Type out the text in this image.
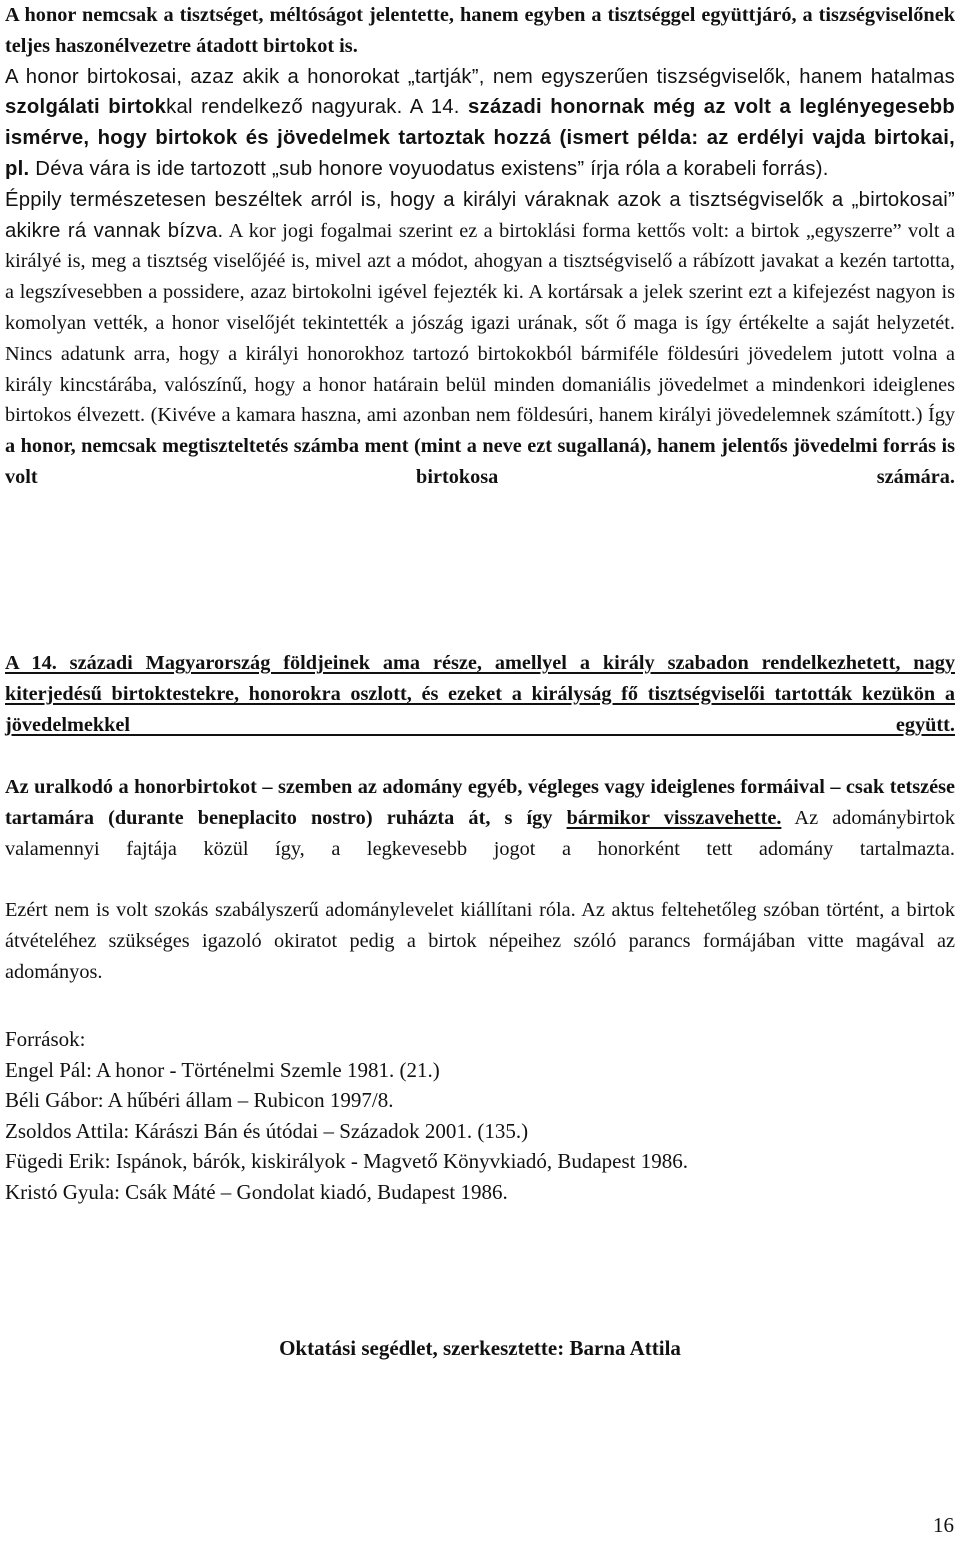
A honor nemcsak a tisztséget, méltóságot jelentette, hanem egyben a tisztséggel együttjáró, a tiszségviselőnek teljes haszonélvezetre átadott birtokot is.
A honor birtokosai, azaz akik a honorokat „tartják”, nem egyszerűen tiszségviselők, hanem hatalmas szolgálati birtokkal rendelkező nagyurak. A 14. századi honornak még az volt a leglényegesebb ismérve, hogy birtokok és jövedelmek tartoztak hozzá (ismert példa: az erdélyi vajda birtokai, pl. Déva vára is ide tartozott „sub honore voyuodatus existens” írja róla a korabeli forrás).
Éppily természetesen beszéltek arról is, hogy a királyi váraknak azok a tisztségviselők a „birtokosai” akikre rá vannak bízva. A kor jogi fogalmai szerint ez a birtoklási forma kettős volt: a birtok „egyszerre” volt a királyé is, meg a tisztség viselőjéé is, mivel azt a módot, ahogyan a tisztségviselő a rábízott javakat a kezén tartotta, a legszívesebben a possidere, azaz birtokolni igével fejezték ki. A kortársak a jelek szerint ezt a kifejezést nagyon is komolyan vették, a honor viselőjét tekintették a jószág igazi urának, sőt ő maga is így értékelte a saját helyzetét. Nincs adatunk arra, hogy a királyi honorokhoz tartozó birtokokból bármiféle földesúri jövedelem jutott volna a király kincstárába, valószínű, hogy a honor határain belül minden domaniális jövedelmet a mindenkori ideiglenes birtokos élvezett. (Kivéve a kamara haszna, ami azonban nem földesúri, hanem királyi jövedelemnek számított.) Így a honor, nemcsak megtiszteltetés számba ment (mint a neve ezt sugallaná), hanem jelentős jövedelmi forrás is volt birtokosa számára.

A 14. századi Magyarország földjeinek ama része, amellyel a király szabadon rendelkezhetett, nagy kiterjedésű birtoktestekre, honorokra oszlott, és ezeket a királyság fő tisztségviselői tartották kezükön a jövedelmekkel együtt.

Az uralkodó a honorbirtokot – szemben az adomány egyéb, végleges vagy ideiglenes formáival – csak tetszése tartamára (durante beneplacito nostro) ruházta át, s így bármikor visszavehette. Az adománybirtok valamennyi fajtája közül így, a legkevesebb jogot a honorként tett adomány tartalmazta.

Ezért nem is volt szokás szabályszerű adománylevelet kiállítani róla. Az aktus feltehetőleg szóban történt, a birtok átvételéhez szükséges igazoló okiratot pedig a birtok népeihez szóló parancs formájában vitte magával az adományos.

Források:
Engel Pál: A honor - Történelmi Szemle 1981. (21.)
Béli Gábor: A hűbéri állam – Rubicon 1997/8.
Zsoldos Attila: Kárászi Bán és útódai – Századok 2001. (135.)
Fügedi Erik: Ispánok, bárók, kiskirályok - Magvető Könyvkiadó, Budapest 1986.
Kristó Gyula: Csák Máté – Gondolat kiadó, Budapest 1986.

Oktatási segédlet, szerkesztette: Barna Attila

16
